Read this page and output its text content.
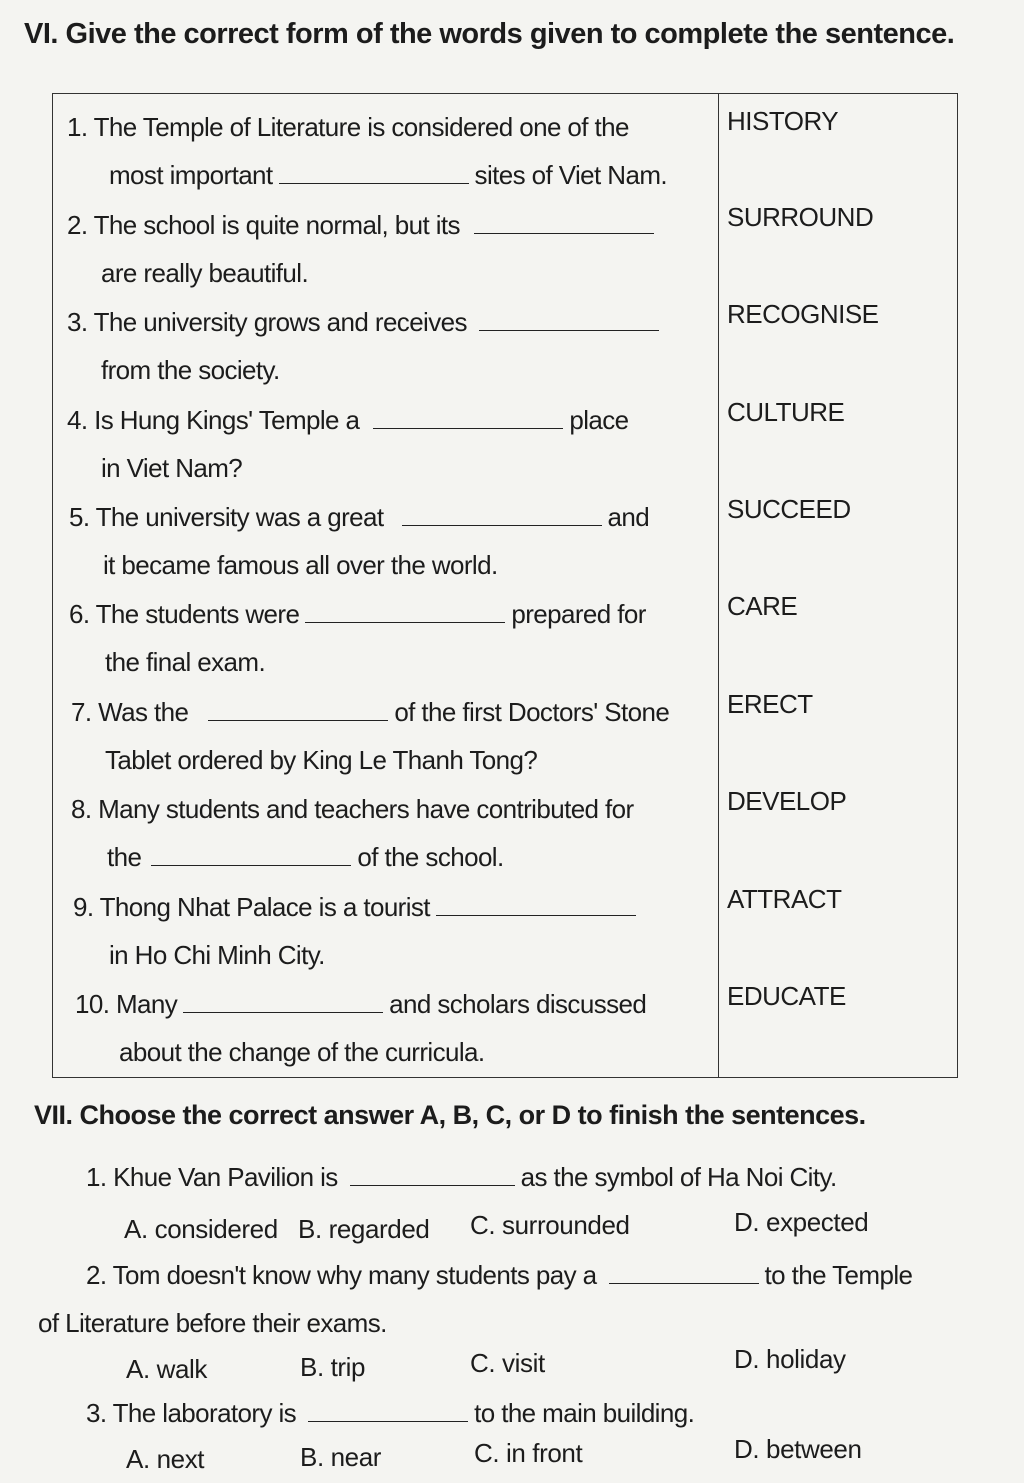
VI. Give the correct form of the words given to complete the sentence.
1. The Temple of Literature is considered one of the
most important	sites of Viet Nam.
HISTORY
2. The school is quite normal, but its
are really beautiful.
SURROUND
3. The university grows and receives
from the society.
RECOGNISE
4. Is Hung Kings' Temple a	place
in Viet Nam?
CULTURE
5. The university was a great	and
it became famous all over the world.
SUCCEED
6. The students were	prepared for
the final exam.
CARE
7. Was the	of the first Doctors' Stone
Tablet ordered by King Le Thanh Tong?
ERECT
8. Many students and teachers have contributed for
the	of the school.
DEVELOP
9. Thong Nhat Palace is a tourist
in Ho Chi Minh City.
ATTRACT
10. Many	and scholars discussed
about the change of the curricula.
EDUCATE
VII. Choose the correct answer A, B, C, or D to finish the sentences.
1. Khue Van Pavilion is	as the symbol of Ha Noi City.
A. considered B. regarded C. surrounded	D. expected
2. Tom doesn't know why many students pay a	to the Temple
of Literature before their exams.
A. walk	B. trip	C. visit	D. holiday
3. The laboratory is	to the main building.
A. next	B. near	C. in front	D. between
